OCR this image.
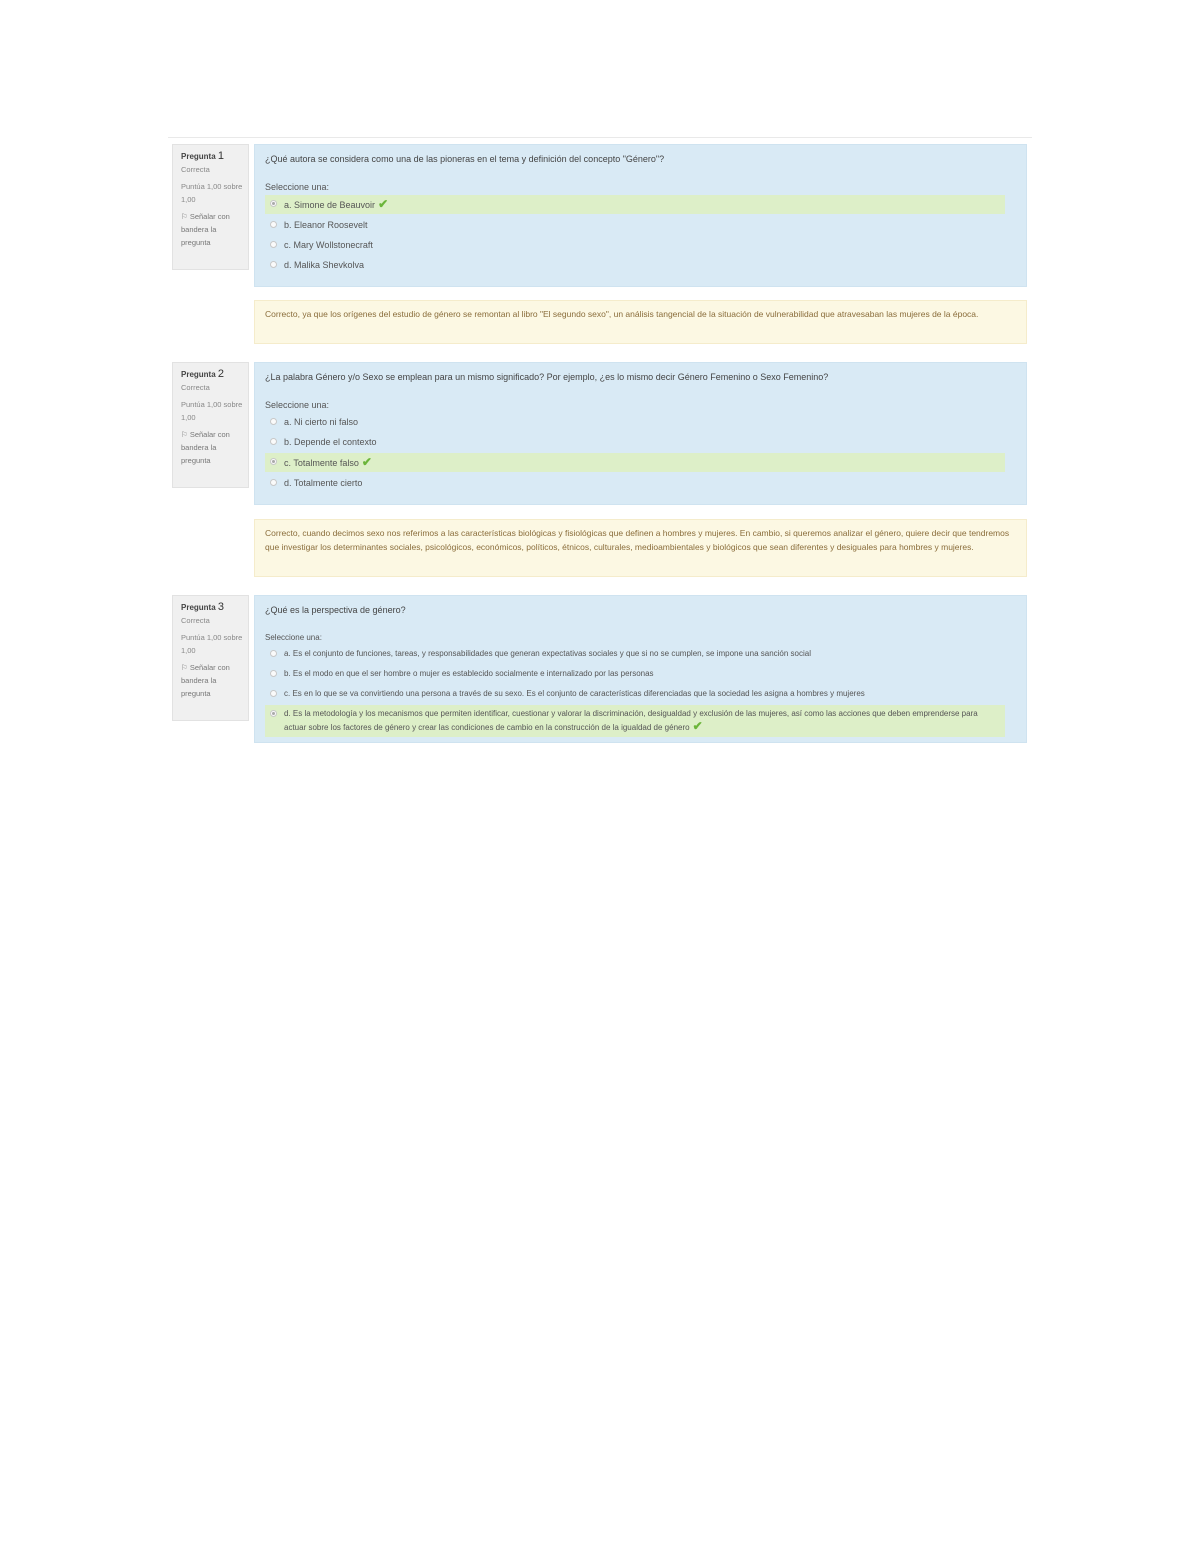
Pregunta 1
Correcta
Puntúa 1,00 sobre 1,00
⚐ Señalar con bandera la pregunta
¿Qué autora se considera como una de las pioneras en el tema y definición del concepto "Género"?
Seleccione una:
a. Simone de Beauvoir ✔
b. Eleanor Roosevelt
c. Mary Wollstonecraft
d. Malika Shevkolva
Correcto, ya que los orígenes del estudio de género se remontan al libro "El segundo sexo", un análisis tangencial de la situación de vulnerabilidad que atravesaban las mujeres de la época.
Pregunta 2
Correcta
Puntúa 1,00 sobre 1,00
⚐ Señalar con bandera la pregunta
¿La palabra Género y/o Sexo se emplean para un mismo significado? Por ejemplo, ¿es lo mismo decir Género Femenino o Sexo Femenino?
Seleccione una:
a. Ni cierto ni falso
b. Depende el contexto
c. Totalmente falso ✔
d. Totalmente cierto
Correcto, cuando decimos sexo nos referimos a las características biológicas y fisiológicas que definen a hombres y mujeres. En cambio, si queremos analizar el género, quiere decir que tendremos que investigar los determinantes sociales, psicológicos, económicos, políticos, étnicos, culturales, medioambientales y biológicos que sean diferentes y desiguales para hombres y mujeres.
Pregunta 3
Correcta
Puntúa 1,00 sobre 1,00
⚐ Señalar con bandera la pregunta
¿Qué es la perspectiva de género?
Seleccione una:
a. Es el conjunto de funciones, tareas, y responsabilidades que generan expectativas sociales y que si no se cumplen, se impone una sanción social
b. Es el modo en que el ser hombre o mujer es establecido socialmente e internalizado por las personas
c. Es en lo que se va convirtiendo una persona a través de su sexo. Es el conjunto de características diferenciadas que la sociedad les asigna a hombres y mujeres
d. Es la metodología y los mecanismos que permiten identificar, cuestionar y valorar la discriminación, desigualdad y exclusión de las mujeres, así como las acciones que deben emprenderse para actuar sobre los factores de género y crear las condiciones de cambio en la construcción de la igualdad de género ✔
